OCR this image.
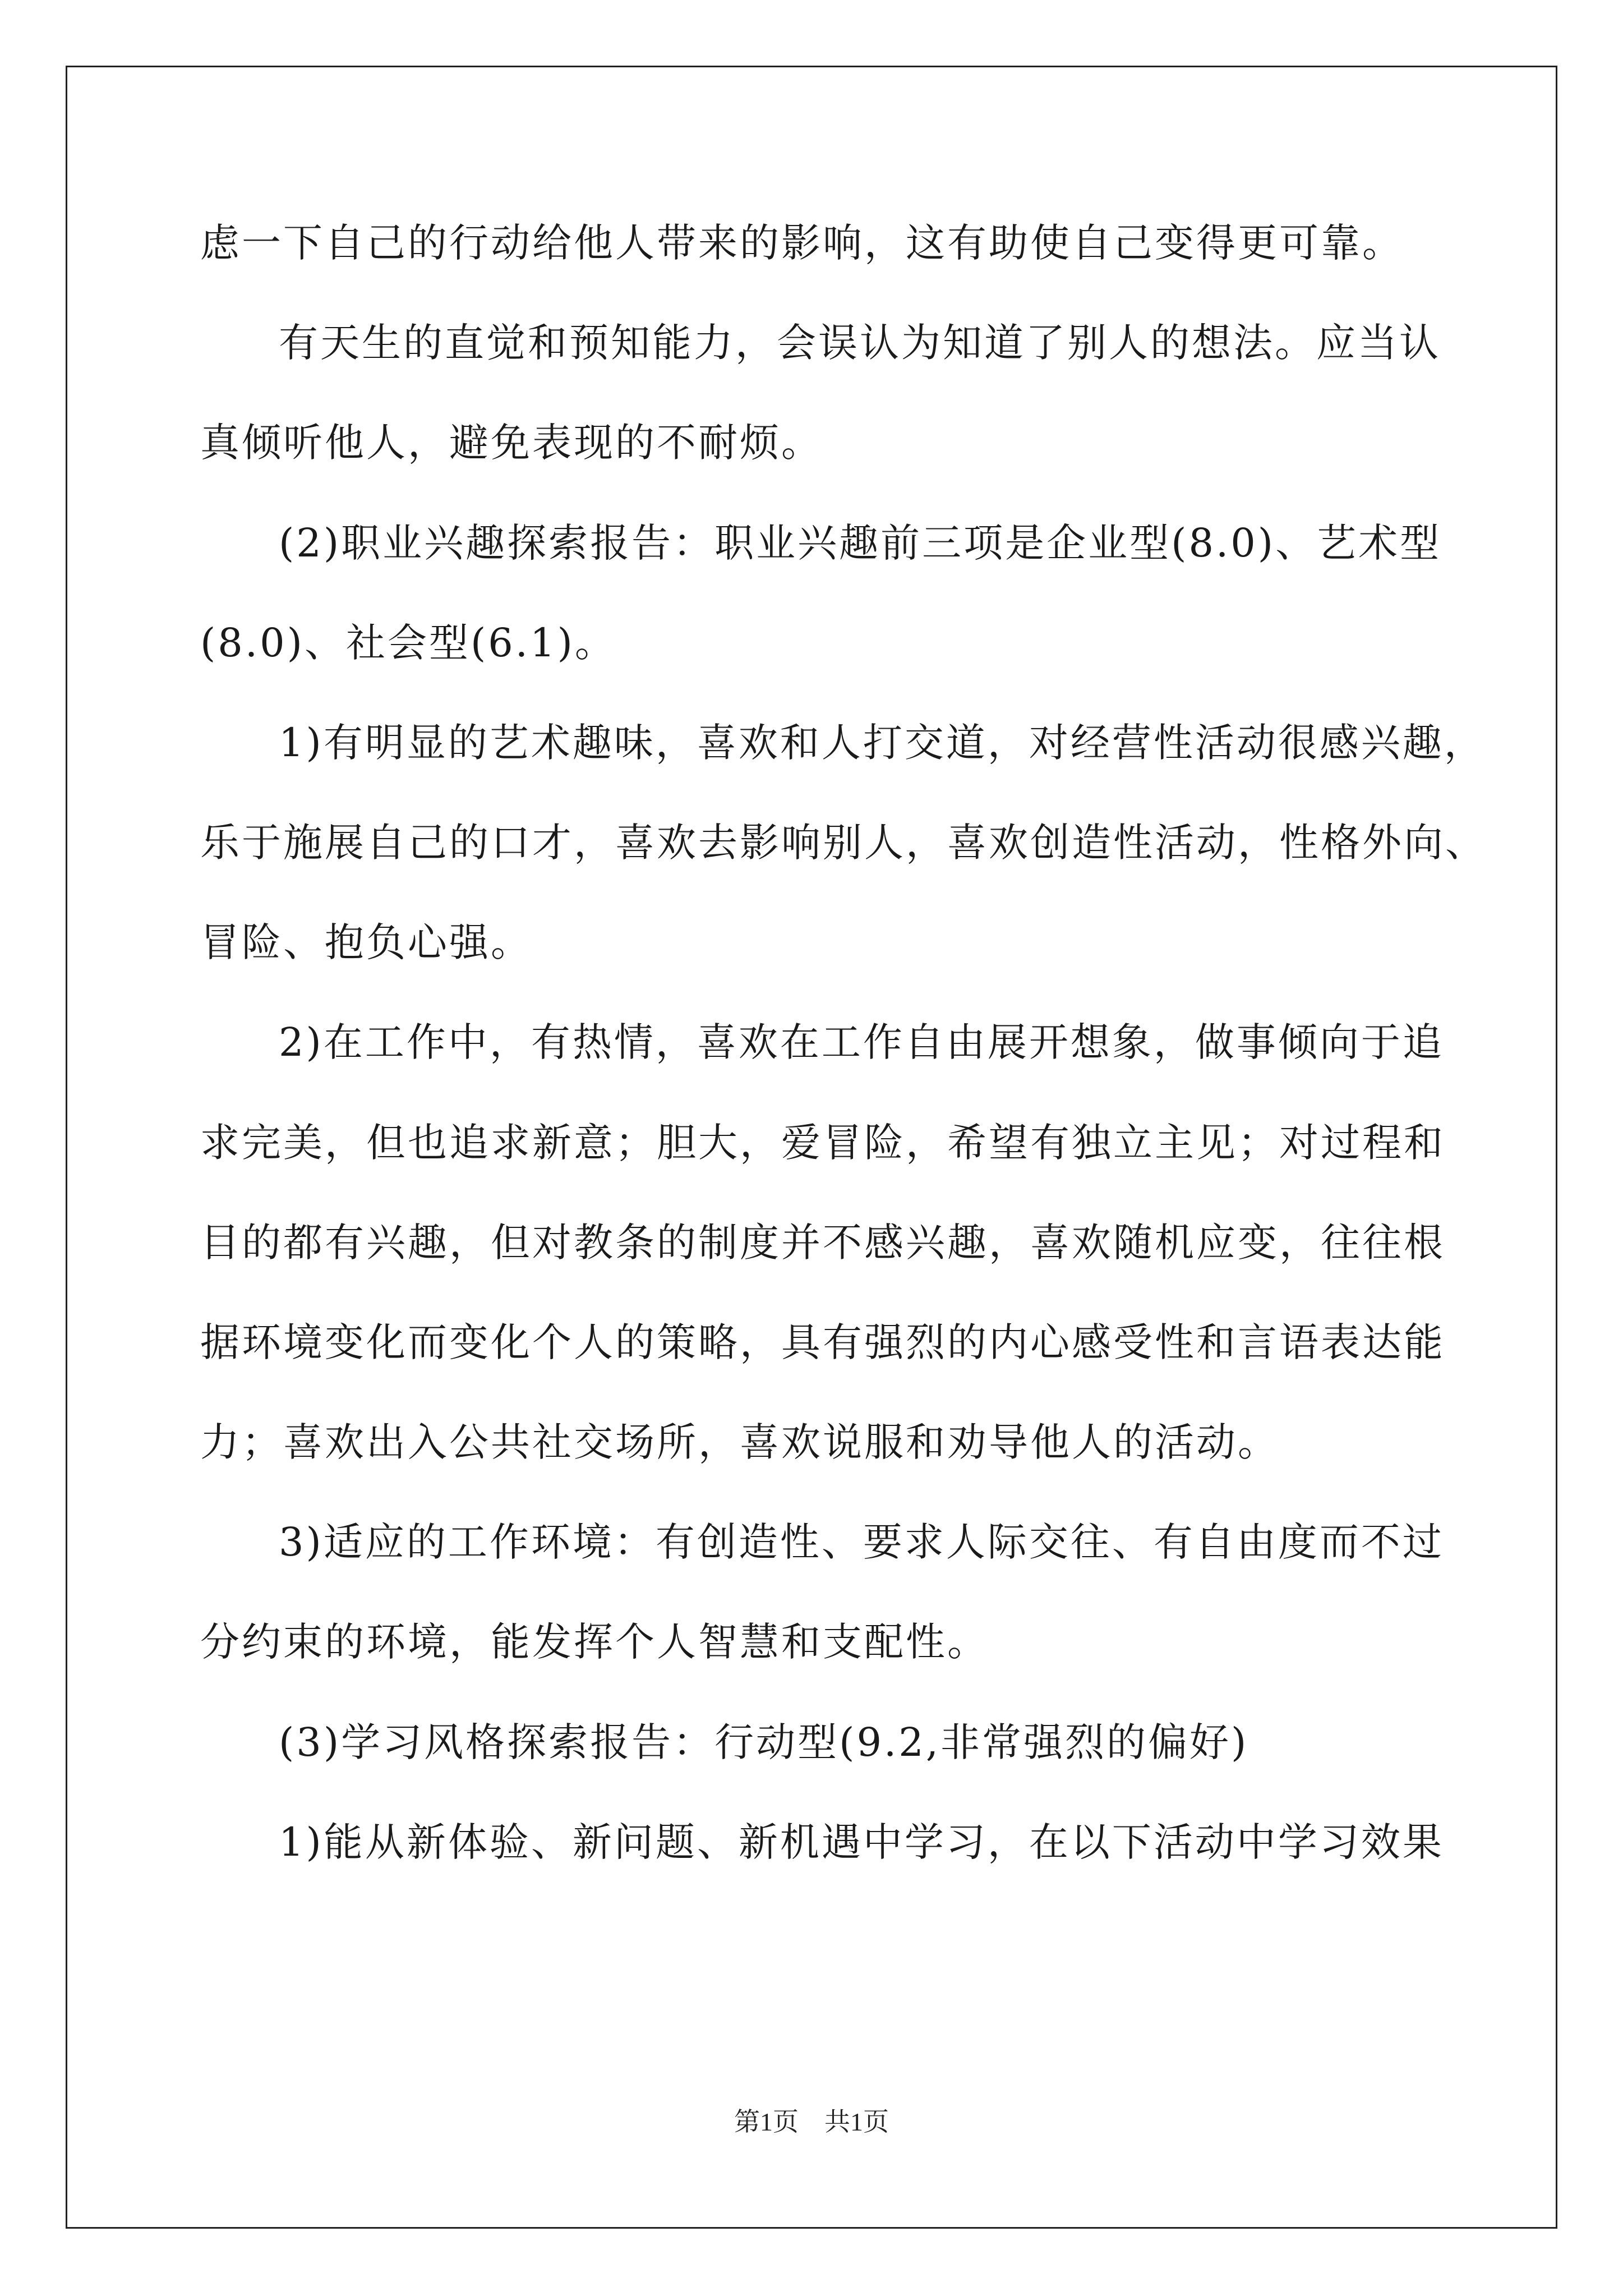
虑一下自己的行动给他人带来的影响，这有助使自己变得更可靠。
有天生的直觉和预知能力，会误认为知道了别人的想法。应当认
真倾听他人，避免表现的不耐烦。
(2)职业兴趣探索报告：职业兴趣前三项是企业型(8.0)、艺术型
(8.0)、社会型(6.1)。
1)有明显的艺术趣味，喜欢和人打交道，对经营性活动很感兴趣，
乐于施展自己的口才，喜欢去影响别人，喜欢创造性活动，性格外向、
冒险、抱负心强。
2)在工作中，有热情，喜欢在工作自由展开想象，做事倾向于追
求完美，但也追求新意；胆大，爱冒险，希望有独立主见；对过程和
目的都有兴趣，但对教条的制度并不感兴趣，喜欢随机应变，往往根
据环境变化而变化个人的策略，具有强烈的内心感受性和言语表达能
力；喜欢出入公共社交场所，喜欢说服和劝导他人的活动。
3)适应的工作环境：有创造性、要求人际交往、有自由度而不过
分约束的环境，能发挥个人智慧和支配性。
(3)学习风格探索报告：行动型(9.2,非常强烈的偏好)
1)能从新体验、新问题、新机遇中学习，在以下活动中学习效果
第1页 共1页
